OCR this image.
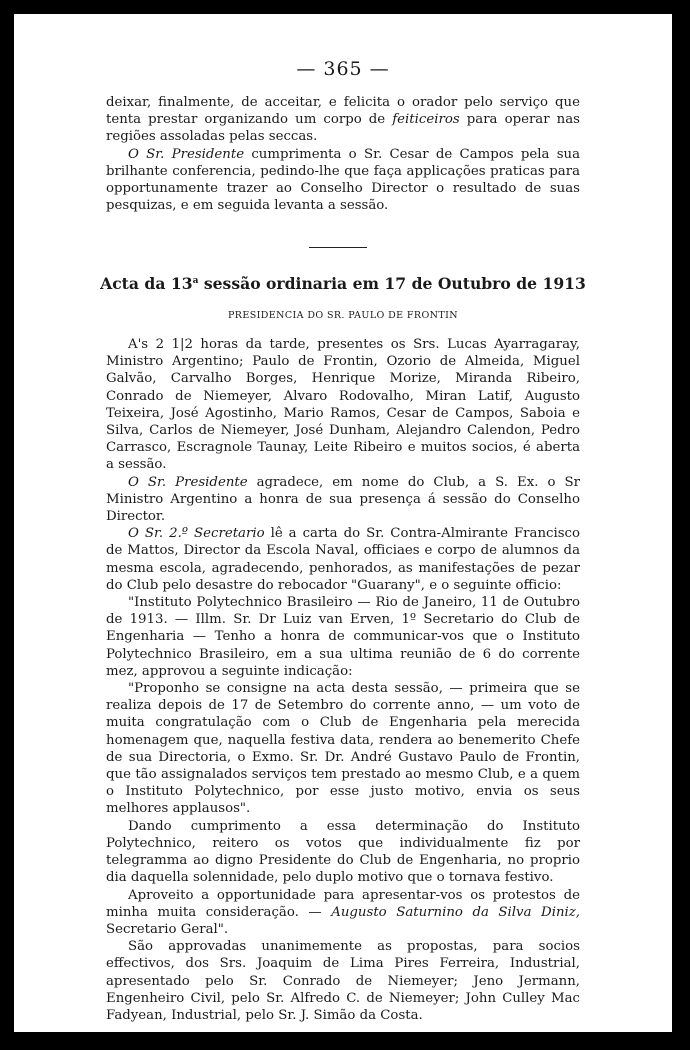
— 365 —

deixar, finalmente, de acceitar, e felicita o orador pelo serviço que tenta prestar organizando um corpo de feiticeiros para operar nas regiões assoladas pelas seccas.

O Sr. Presidente cumprimenta o Sr. Cesar de Campos pela sua brilhante conferencia, pedindo-lhe que faça applicações praticas para opportunamente trazer ao Conselho Director o resultado de suas pesquizas, e em seguida levanta a sessão.

Acta da 13$^a$ sessão ordinaria em 17 de Outubro de 1913
PRESIDENCIA DO SR. PAULO DE FRONTIN

A's 2 1|2 horas da tarde, presentes os Srs. Lucas Ayarragaray, Ministro Argentino; Paulo de Frontin, Ozorio de Almeida, Miguel Galvão, Carvalho Borges, Henrique Morize, Miranda Ribeiro, Conrado de Niemeyer, Alvaro Rodovalho, Miran Latif, Augusto Teixeira, José Agostinho, Mario Ramos, Cesar de Campos, Saboia e Silva, Carlos de Niemeyer, José Dunham, Alejandro Calendon, Pedro Carrasco, Escragnole Taunay, Leite Ribeiro e muitos socios, é aberta a sessão.

O Sr. Presidente agradece, em nome do Club, a S. Ex. o Sr Ministro Argentino a honra de sua presença á sessão do Conselho Director.

O Sr. 2.º Secretario lê a carta do Sr. Contra-Almirante Francisco de Mattos, Director da Escola Naval, officiaes e corpo de alumnos da mesma escola, agradecendo, penhorados, as manifestações de pezar do Club pelo desastre do rebocador "Guarany", e o seguinte officio:

"Instituto Polytechnico Brasileiro — Rio de Janeiro, 11 de Outubro de 1913. — Illm. Sr. Dr Luiz van Erven, 1º Secretario do Club de Engenharia — Tenho a honra de communicar-vos que o Instituto Polytechnico Brasileiro, em a sua ultima reunião de 6 do corrente mez, approvou a seguinte indicação:

"Proponho se consigne na acta desta sessão, — primeira que se realiza depois de 17 de Setembro do corrente anno, — um voto de muita congratulação com o Club de Engenharia pela merecida homenagem que, naquella festiva data, rendera ao benemerito Chefe de sua Directoria, o Exmo. Sr. Dr. André Gustavo Paulo de Frontin, que tão assignalados serviços tem prestado ao mesmo Club, e a quem o Instituto Polytechnico, por esse justo motivo, envia os seus melhores applausos".

Dando cumprimento a essa determinação do Instituto Polytechnico, reitero os votos que individualmente fiz por telegramma ao digno Presidente do Club de Engenharia, no proprio dia daquella solennidade, pelo duplo motivo que o tornava festivo.

Aproveito a opportunidade para apresentar-vos os protestos de minha muita consideração. — Augusto Saturnino da Silva Diniz, Secretario Geral".

São approvadas unanimemente as propostas, para socios effectivos, dos Srs. Joaquim de Lima Pires Ferreira, Industrial, apresentado pelo Sr. Conrado de Niemeyer; Jeno Jermann, Engenheiro Civil, pelo Sr. Alfredo C. de Niemeyer; John Culley Mac Fadyean, Industrial, pelo Sr. J. Simão da Costa.
